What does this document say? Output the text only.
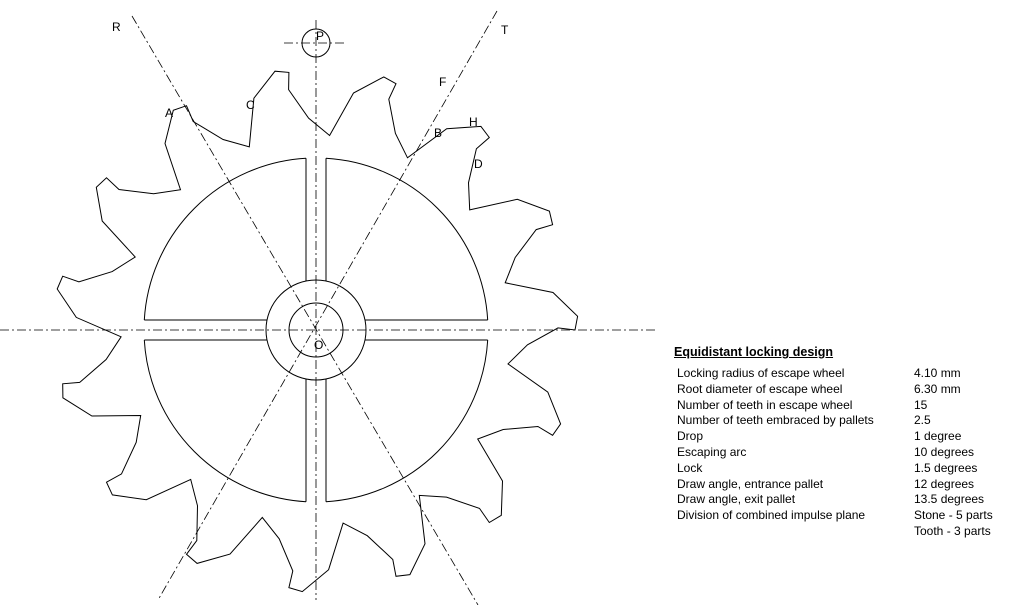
R
P	T
A
C
F
B
H
D
O	Equidistant locking design
Locking radius of escape wheel	4.10 mm
Root diameter of escape wheel	6.30 mm
Number of teeth in escape wheel	15
Number of teeth embraced by pallets	2.5
Drop	1 degree
Escaping arc	10 degrees
Lock	1.5 degrees
Draw angle, entrance pallet	12 degrees
Draw angle, exit pallet	13.5 degrees
Division of combined impulse plane	Stone - 5 parts
Tooth - 3 parts
